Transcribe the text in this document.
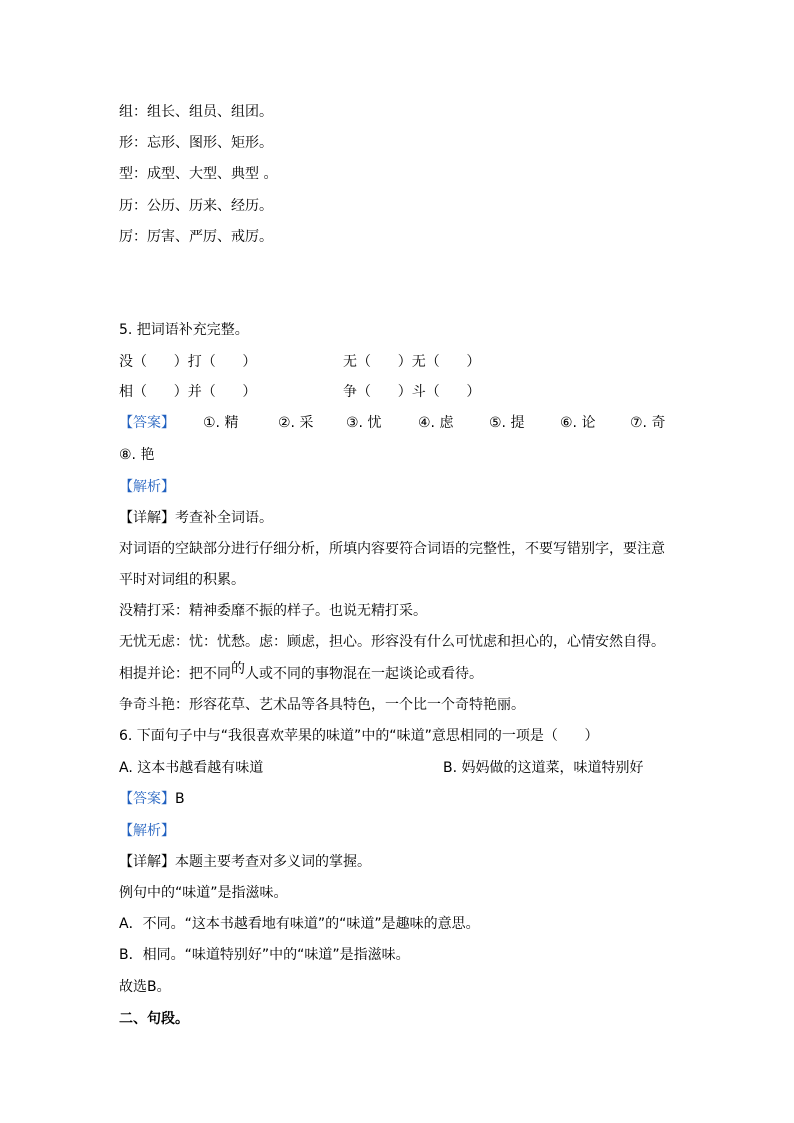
组：组长、组员、组团。
形：忘形、图形、矩形。
型：成型、大型、典型 。
历：公历、历来、经历。
厉：厉害、严厉、戒厉。
5. 把词语补充完整。
没（      ）打（      ）	无（      ）无（      ）
相（      ）并（      ）	争（      ）斗（      ）
【答案】 ①. 精	②. 采 ③. 忧	④. 虑	⑤. 提	⑥. 论 ⑦. 奇
⑧. 艳
【解析】
【详解】考查补全词语。
对词语的空缺部分进行仔细分析，所填内容要符合词语的完整性，不要写错别字，要注意
平时对词组的积累。
没精打采：精神委靡不振的样子。也说无精打采。
无忧无虑：忧：忧愁。虑：顾虑，担心。形容没有什么可忧虑和担心的，心情安然自得。
相提并论：把不同的人或不同的事物混在一起谈论或看待。
争奇斗艳：形容花草、艺术品等各具特色，一个比一个奇特艳丽。
6. 下面句子中与“我很喜欢苹果的味道”中的“味道”意思相同的一项是（      ）
A. 这本书越看越有味道	B. 妈妈做的这道菜，味道特别好
【答案】B
【解析】
【详解】本题主要考查对多义词的掌握。
例句中的“味道”是指滋味。
A．不同。“这本书越看地有味道”的“味道”是趣味的意思。
B．相同。“味道特别好”中的“味道”是指滋味。
故选B。
二、句段。
